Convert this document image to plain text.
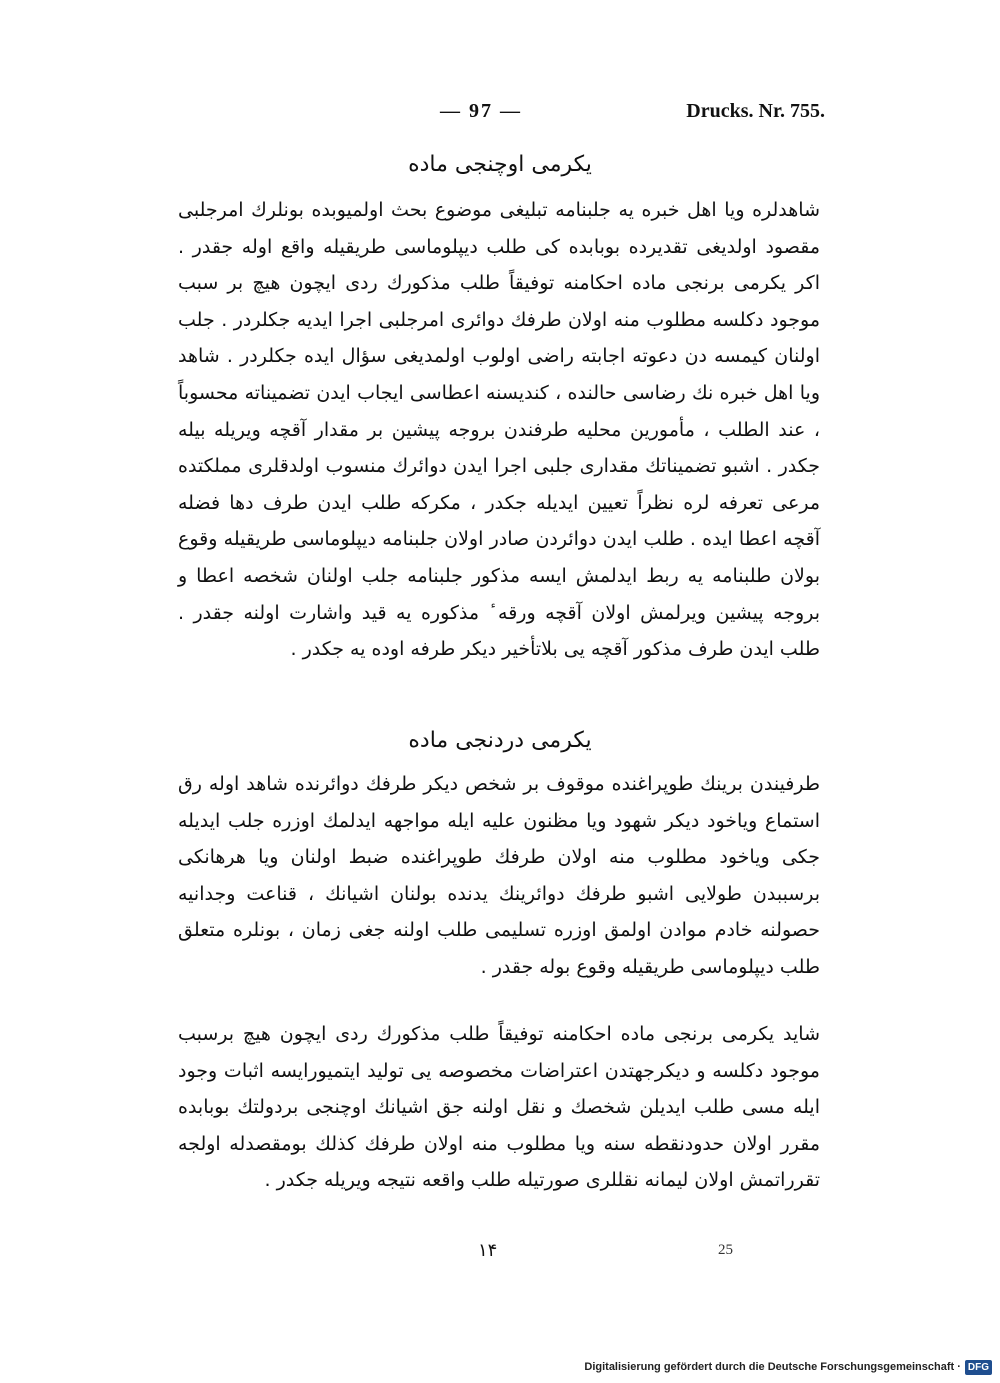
— 97 —	Drucks. Nr. 755.
یکرمی اوچنجی ماده

شاهدلره ویا اهل خبره یه جلبنامه تبلیغی موضوع بحث اولمیوبده بونلرك امرجلبی مقصود اولدیغی تقدیرده بوبابده کی طلب دیپلوماسی طریقیله واقع اوله جقدر . اکر یکرمی برنجی ماده احکامنه توفیقاً طلب مذکورك ردی ایچون هیچ بر سبب موجود دکلسه مطلوب منه اولان طرفك دوائری امرجلبی اجرا ایدیه جکلردر . جلب اولنان کیمسه دن دعوته اجابته راضی اولوب اولمدیغی سؤال ایده جکلردر . شاهد ویا اهل خبره نك رضاسی حالنده ، کندیسنه اعطاسی ایجاب ایدن تضمیناته محسوباً ، عند الطلب ، مأمورین محلیه طرفندن بروجه پیشین بر مقدار آقچه ویریله بیله جکدر . اشبو تضمیناتك مقداری جلبی اجرا ایدن دوائرك منسوب اولدقلری مملکتده مرعی تعرفه لره نظراً تعیین ایدیله جکدر ، مکرکه طلب ایدن طرف دها فضله آقچه اعطا ایده . طلب ایدن دوائردن صادر اولان جلبنامه دیپلوماسی طریقیله وقوع بولان طلبنامه یه ربط ایدلمش ایسه مذکور جلبنامه جلب اولنان شخصه اعطا و بروجه پیشین ویرلمش اولان آقچه ورقه ٔ مذکوره یه قید واشارت اولنه جقدر . طلب ایدن طرف مذکور آقچه یی بلاتأخیر دیکر طرفه اوده یه جکدر .

یکرمی دردنجی ماده

طرفیندن برینك طوپراغنده موقوف بر شخص دیکر طرفك دوائرنده شاهد اوله رق استماع ویاخود دیکر شهود ویا مظنون علیه ایله مواجهه ایدلمك اوزره جلب ایدیله جکی ویاخود مطلوب منه اولان طرفك طوپراغنده ضبط اولنان ویا هرهانکی برسببدن طولایی اشبو طرفك دوائرینك یدنده بولنان اشیانك ، قناعت وجدانیه حصولنه خادم موادن اولمق اوزره تسلیمی طلب اولنه جغی زمان ، بونلره متعلق طلب دیپلوماسی طریقیله وقوع بوله جقدر .

شاید یکرمی برنجی ماده احکامنه توفیقاً طلب مذکورك ردی ایچون هیچ برسبب موجود دکلسه و دیکرجهتدن اعتراضات مخصوصه یی تولید ایتمیورایسه اثبات وجود ایله مسی طلب ایدیلن شخصك و نقل اولنه جق اشیانك اوچنجی بردولتك بوبابده مقرر اولان حدودنقطه سنه ویا مطلوب منه اولان طرفك کذلك بومقصدله اولجه تقرراتمش اولان لیمانه نقللری صورتیله طلب واقعه نتیجه ویریله جکدر .

۱۴	25
Digitalisierung gefördert durch die Deutsche Forschungsgemeinschaft · DFG
